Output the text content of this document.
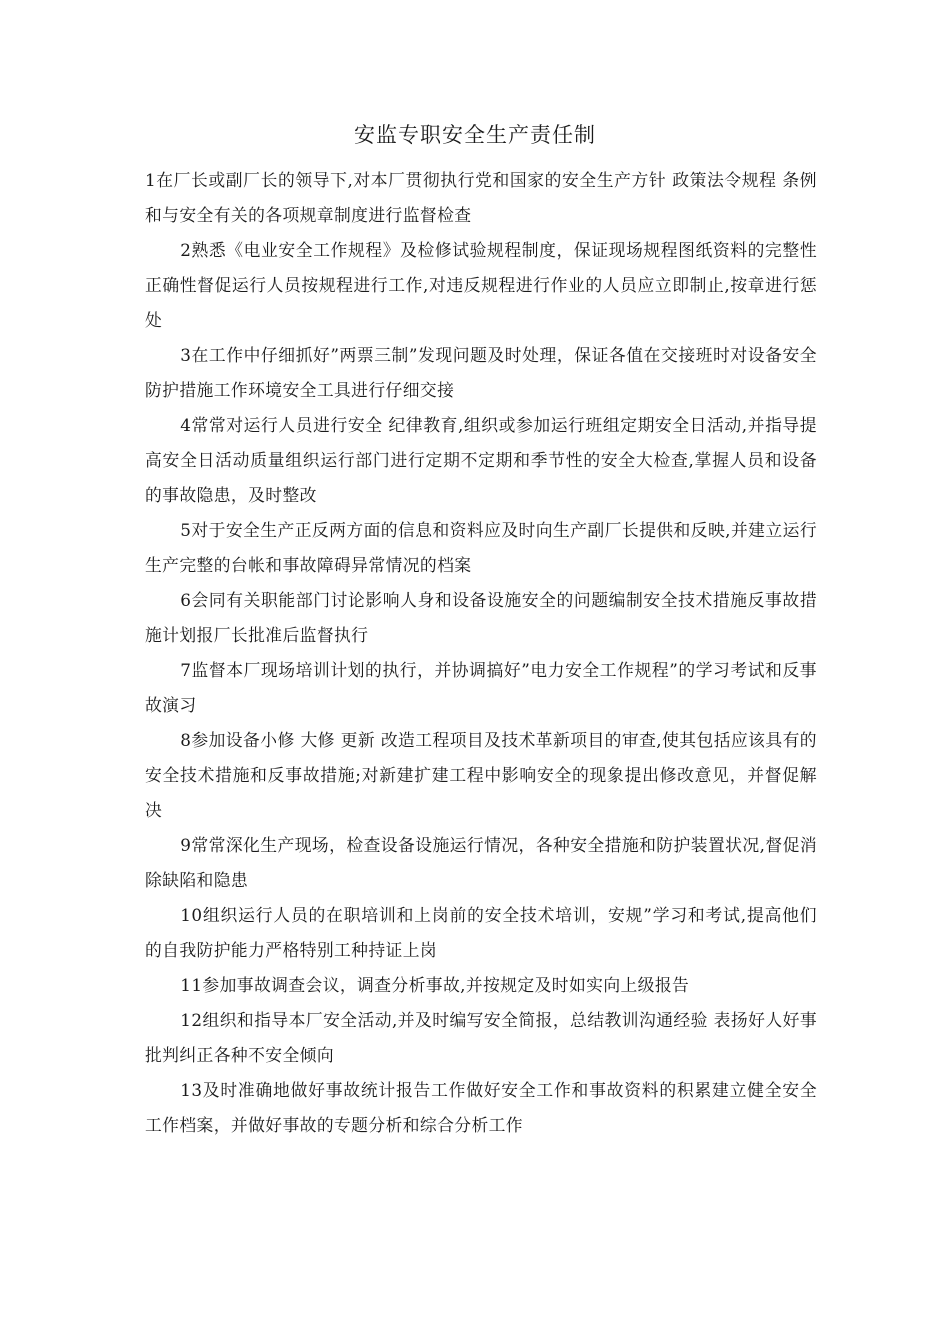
安监专职安全生产责任制

1在厂长或副厂长的领导下,对本厂贯彻执行党和国家的安全生产方针 政策法令规程 条例和与安全有关的各项规章制度进行监督检查

2熟悉《电业安全工作规程》及检修试验规程制度，保证现场规程图纸资料的完整性正确性督促运行人员按规程进行工作,对违反规程进行作业的人员应立即制止,按章进行惩处

3在工作中仔细抓好”两票三制”发现问题及时处理，保证各值在交接班时对设备安全防护措施工作环境安全工具进行仔细交接

4常常对运行人员进行安全 纪律教育,组织或参加运行班组定期安全日活动,并指导提高安全日活动质量组织运行部门进行定期不定期和季节性的安全大检查,掌握人员和设备的事故隐患，及时整改

5对于安全生产正反两方面的信息和资料应及时向生产副厂长提供和反映,并建立运行生产完整的台帐和事故障碍异常情况的档案

6会同有关职能部门讨论影响人身和设备设施安全的问题编制安全技术措施反事故措施计划报厂长批准后监督执行

7监督本厂现场培训计划的执行，并协调搞好”电力安全工作规程”的学习考试和反事故演习

8参加设备小修 大修 更新 改造工程项目及技术革新项目的审查,使其包括应该具有的安全技术措施和反事故措施;对新建扩建工程中影响安全的现象提出修改意见，并督促解决

9常常深化生产现场，检查设备设施运行情况，各种安全措施和防护装置状况,督促消除缺陷和隐患

10组织运行人员的在职培训和上岗前的安全技术培训，安规”学习和考试,提高他们的自我防护能力严格特别工种持证上岗

11参加事故调查会议，调查分析事故,并按规定及时如实向上级报告

12组织和指导本厂安全活动,并及时编写安全简报，总结教训沟通经验 表扬好人好事 批判纠正各种不安全倾向

13及时准确地做好事故统计报告工作做好安全工作和事故资料的积累建立健全安全工作档案，并做好事故的专题分析和综合分析工作
